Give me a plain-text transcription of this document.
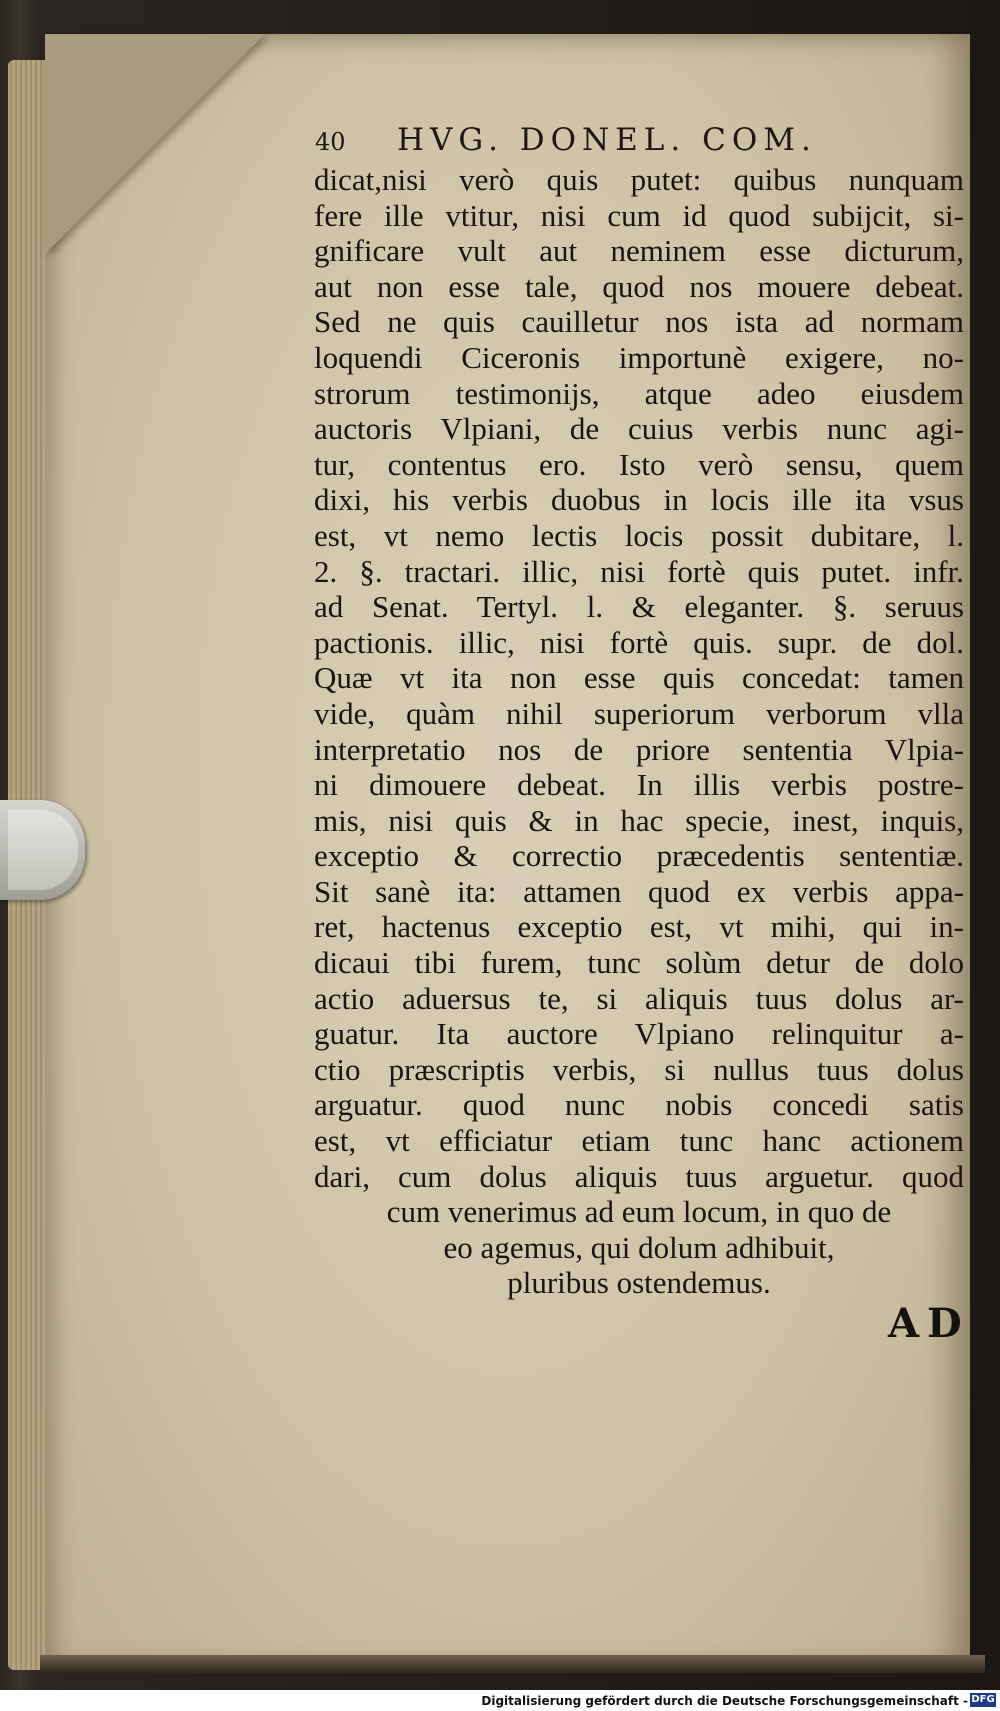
40 HVG. DONEL. COM.
dicat,nisi verò quis putet: quibus nunquam
fere ille vtitur, nisi cum id quod subijcit, si-
gnificare vult aut neminem esse dicturum,
aut non esse tale, quod nos mouere debeat.
Sed ne quis cauilletur nos ista ad normam
loquendi Ciceronis importunè exigere, no-
strorum testimonijs, atque adeo eiusdem
auctoris Vlpiani, de cuius verbis nunc agi-
tur, contentus ero. Isto verò sensu, quem
dixi, his verbis duobus in locis ille ita vsus
est, vt nemo lectis locis possit dubitare, l.
2. §. tractari. illic, nisi fortè quis putet. infr.
ad Senat. Tertyl. l. & eleganter. §. seruus
pactionis. illic, nisi fortè quis. supr. de dol.
Quæ vt ita non esse quis concedat: tamen
vide, quàm nihil superiorum verborum vlla
interpretatio nos de priore sententia Vlpia-
ni dimouere debeat. In illis verbis postre-
mis, nisi quis & in hac specie, inest, inquis,
exceptio & correctio præcedentis sententiæ.
Sit sanè ita: attamen quod ex verbis appa-
ret, hactenus exceptio est, vt mihi, qui in-
dicaui tibi furem, tunc solùm detur de dolo
actio aduersus te, si aliquis tuus dolus ar-
guatur. Ita auctore Vlpiano relinquitur a-
ctio præscriptis verbis, si nullus tuus dolus
arguatur. quod nunc nobis concedi satis
est, vt efficiatur etiam tunc hanc actionem
dari, cum dolus aliquis tuus arguetur. quod
cum venerimus ad eum locum, in quo de
eo agemus, qui dolum adhibuit,
pluribus ostendemus.
AD
Digitalisierung gefördert durch die Deutsche Forschungsgemeinschaft - DFG
